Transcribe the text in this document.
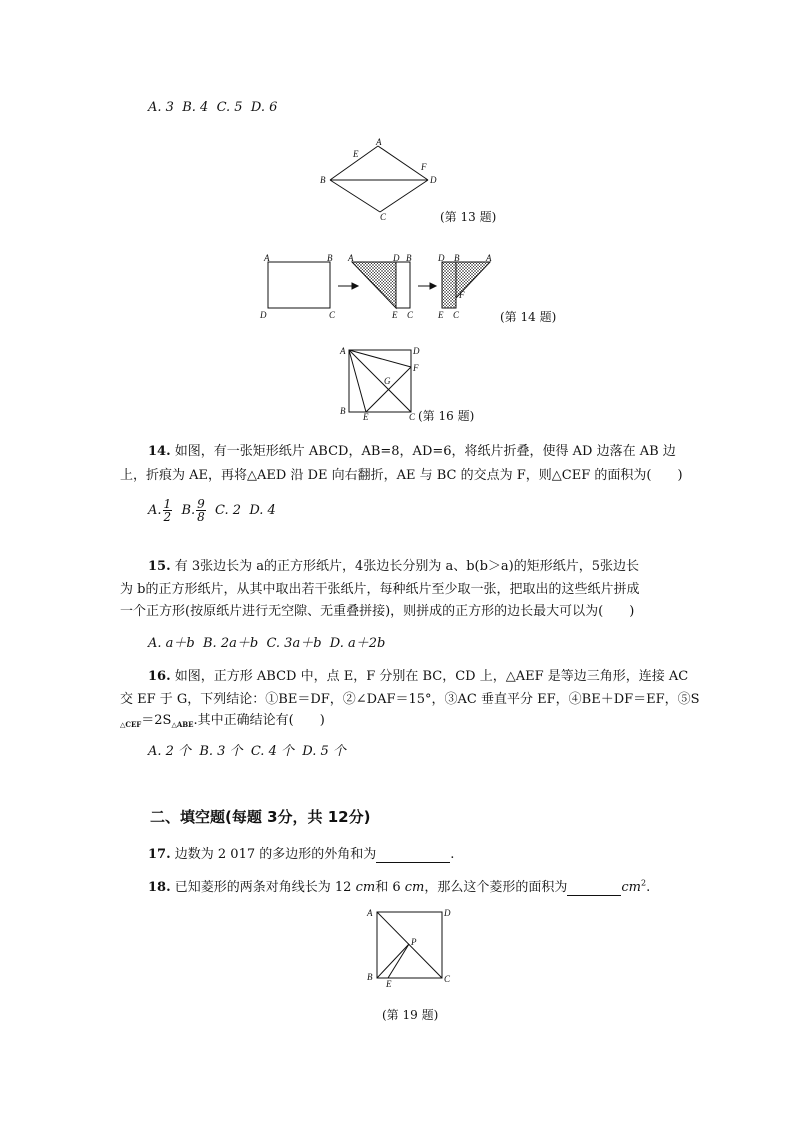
A. 3 B. 4 C. 5 D. 6
A
E
F
B	D
C	(第 13 题)
A	B
D	C
A	D B
E C
D B	A
F
E C	(第 14 题)
A	D
F
G
B
E	C (第 16 题)
14. 如图，有一张矩形纸片 ABCD，AB=8，AD=6，将纸片折叠，使得 AD 边落在 AB 边
上，折痕为 AE，再将△AED 沿 DE 向右翻折，AE 与 BC 的交点为 F，则△CEF 的面积为(　　)
A. $\frac{1}{2} B$. $\frac{9}{8} C$. 2 D. 4
15. 有 3张边长为 a的正方形纸片，4张边长分别为 a、b(b＞a)的矩形纸片，5张边长
为 b的正方形纸片，从其中取出若干张纸片，每种纸片至少取一张，把取出的这些纸片拼成
一个正方形(按原纸片进行无空隙、无重叠拼接)，则拼成的正方形的边长最大可以为(　　)
A. a＋b B. 2a＋b C. 3a＋b D. a＋2b
16. 如图，正方形 ABCD 中，点 E，F 分别在 BC，CD 上，△AEF 是等边三角形，连接 AC
交 EF 于 G，下列结论：①BE＝DF，②∠DAF＝15°，③AC 垂直平分 EF，④BE＋DF＝EF，⑤S
$_{\triangle CEF}=2S_{\triangle ABE}$.其中正确结论有(　　)
A. 2 个 B. 3 个 C. 4 个 D. 5 个
二、填空题(每题 3分，共 12分)
17. 边数为 2 017 的多边形的外角和为	.
18. 已知菱形的两条对角线长为 12 cm和 6 cm，那么这个菱形的面积为	$cm^2$.
A	D
P
B
E	C
(第 19 题)
